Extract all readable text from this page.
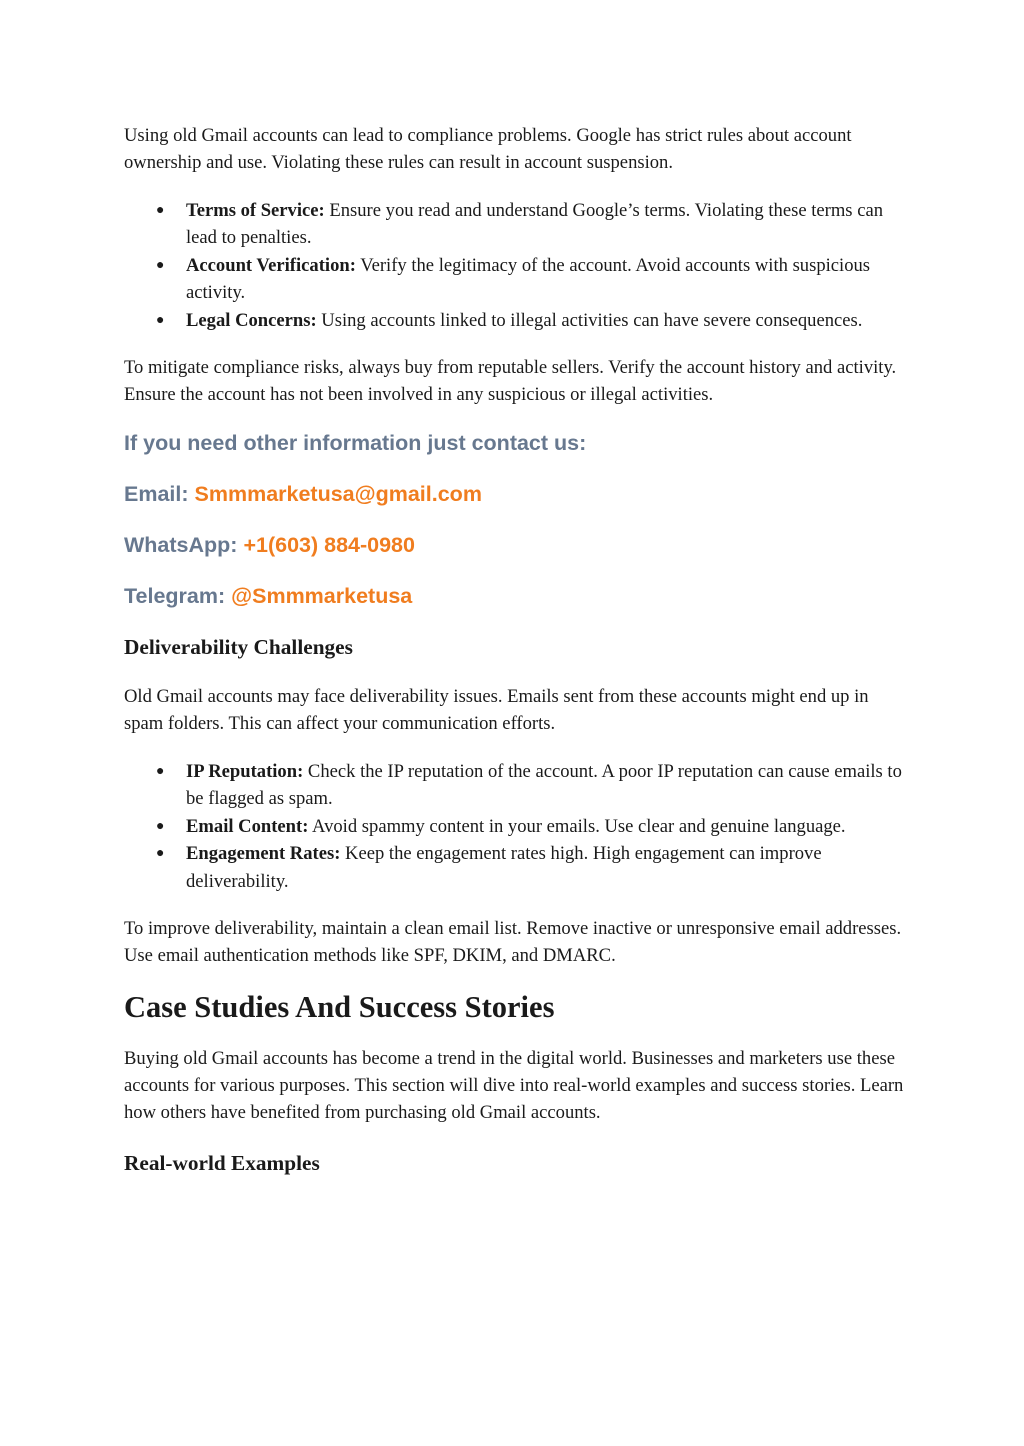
Using old Gmail accounts can lead to compliance problems. Google has strict rules about account ownership and use. Violating these rules can result in account suspension.

● Terms of Service: Ensure you read and understand Google’s terms. Violating these terms can lead to penalties.
● Account Verification: Verify the legitimacy of the account. Avoid accounts with suspicious activity.
● Legal Concerns: Using accounts linked to illegal activities can have severe consequences.

To mitigate compliance risks, always buy from reputable sellers. Verify the account history and activity. Ensure the account has not been involved in any suspicious or illegal activities.

If you need other information just contact us:

Email: Smmmarketusa@gmail.com

WhatsApp: +1(603) 884-0980

Telegram: @Smmmarketusa

Deliverability Challenges

Old Gmail accounts may face deliverability issues. Emails sent from these accounts might end up in spam folders. This can affect your communication efforts.

● IP Reputation: Check the IP reputation of the account. A poor IP reputation can cause emails to be flagged as spam.
● Email Content: Avoid spammy content in your emails. Use clear and genuine language.
● Engagement Rates: Keep the engagement rates high. High engagement can improve deliverability.

To improve deliverability, maintain a clean email list. Remove inactive or unresponsive email addresses. Use email authentication methods like SPF, DKIM, and DMARC.

Case Studies And Success Stories

Buying old Gmail accounts has become a trend in the digital world. Businesses and marketers use these accounts for various purposes. This section will dive into real-world examples and success stories. Learn how others have benefited from purchasing old Gmail accounts.

Real-world Examples
